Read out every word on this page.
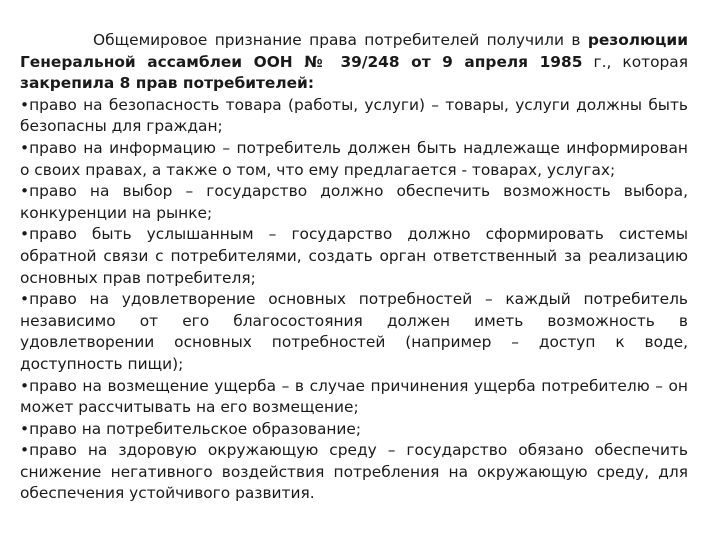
Общемировое признание права потребителей получили в резолюции Генеральной ассамблеи ООН № 39/248 от 9 апреля 1985 г., которая закрепила 8 прав потребителей:

•право на безопасность товара (работы, услуги) – товары, услуги должны быть безопасны для граждан;

•право на информацию – потребитель должен быть надлежаще информирован о своих правах, а также о том, что ему предлагается - товарах, услугах;

•право на выбор – государство должно обеспечить возможность выбора, конкуренции на рынке;

•право быть услышанным – государство должно сформировать системы обратной связи с потребителями, создать орган ответственный за реализацию основных прав потребителя;

•право на удовлетворение основных потребностей – каждый потребитель независимо от его благосостояния должен иметь возможность в удовлетворении основных потребностей (например – доступ к воде, доступность пищи);

•право на возмещение ущерба – в случае причинения ущерба потребителю – он может рассчитывать на его возмещение;

•право на потребительское образование;

•право на здоровую окружающую среду – государство обязано обеспечить снижение негативного воздействия потребления на окружающую среду, для обеспечения устойчивого развития.
